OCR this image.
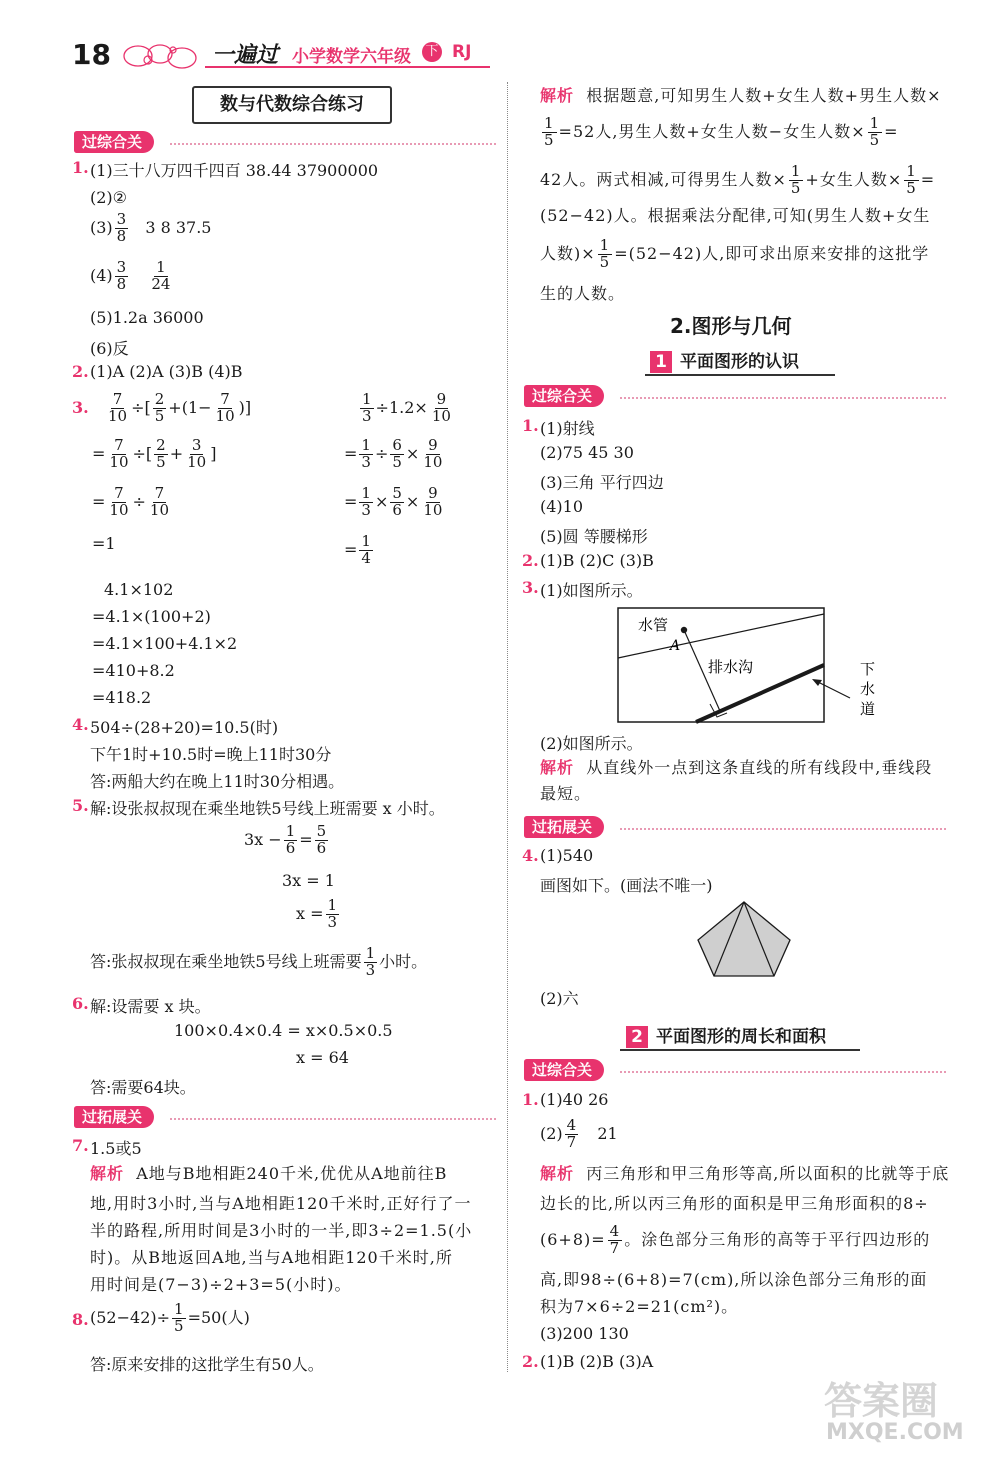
18	一遍过 小学数学六年级 下 RJ
数与代数综合练习
过综合关
1. (1)三十八万四千四百 38.44 37900000
(2)②
$(3) \frac{3}{8} 3$ 8 37.5
$(4) \frac{3}{8}$
$\frac{1}{24}$
(5)1.2a 36000
(6)反
2. (1)A (2)A (3)B (4)B
3. $\frac{7}{10}$ ÷[ $\frac{2}{5} +(1- \frac{7}{10}$ )]
= $\frac{7}{10}$ ÷[ $\frac{2}{5} + \frac{3}{10}$ ]
= $\frac{7}{10} \div \frac{7}{10}$
=1
$\frac{1}{3} \div 1.2\times \frac{9}{10}$
= $\frac{1}{3} \div \frac{6}{5} \times \frac{9}{10}$
= $\frac{1}{3} \times \frac{5}{6} \times \frac{9}{10}$
= $\frac{1}{4}$
4.1×102
=4.1×(100+2)
=4.1×100+4.1×2
=410+8.2
=418.2
4. 504÷(28+20)=10.5(时)
下午1时+10.5时=晚上11时30分
答:两船大约在晚上11时30分相遇。
5. 解:设张叔叔现在乘坐地铁5号线上班需要 x 小时。
$3x - \frac{1}{6} = \frac{5}{6}$
3x = 1
$x = \frac{1}{3}$
答:张叔叔现在乘坐地铁5号线上班需要 $\frac{1}{3}$ 小时。
6. 解:设需要 x 块。
100×0.4×0.4 = x×0.5×0.5
x = 64
答:需要64块。
过拓展关
7. 1.5或5
解析 A地与B地相距240千米,优优从A地前往B
地,用时3小时,当与A地相距120千米时,正好行了一
半的路程,所用时间是3小时的一半,即3÷2=1.5(小
时)。从B地返回A地,当与A地相距120千米时,所
用时间是(7−3)÷2+3=5(小时)。
8. $(52-42)\div \frac{1}{5} =50$(人)
答:原来安排的这批学生有50人。
解析 根据题意,可知男生人数+女生人数+男生人数×
$\frac{1}{5} =52$人,男生人数+女生人数−女生人数× $\frac{1}{5}$ =
42人。两式相减,可得男生人数× $\frac{1}{5}$ +女生人数× $\frac{1}{5}$ =
(52−42)人。根据乘法分配律,可知(男生人数+女生
人数)× $\frac{1}{5} =(52-42)$人,即可求出原来安排的这批学
生的人数。
2.图形与几何
1 平面图形的认识
过综合关
1. (1)射线
(2)75 45 30
(3)三角 平行四边
(4)10
(5)圆 等腰梯形
2. (1)B (2)C (3)B
3. (1)如图所示。
水管
A
排水沟	下
水
道
(2)如图所示。
解析 从直线外一点到这条直线的所有线段中,垂线段
最短。
过拓展关
4. (1)540
画图如下。(画法不唯一)
(2)六
2 平面图形的周长和面积
过综合关
1. (1)40 26
$(2) \frac{4}{7} 21$
解析 丙三角形和甲三角形等高,所以面积的比就等于底
边长的比,所以丙三角形的面积是甲三角形面积的8÷
$(6+8)= \frac{4}{7}$ 。涂色部分三角形的高等于平行四边形的
高,即98÷(6+8)=7(cm),所以涂色部分三角形的面
积为7×6÷2=21(cm²)。
(3)200 130
2. (1)B (2)B (3)A
答案圈
MXQE.COM
